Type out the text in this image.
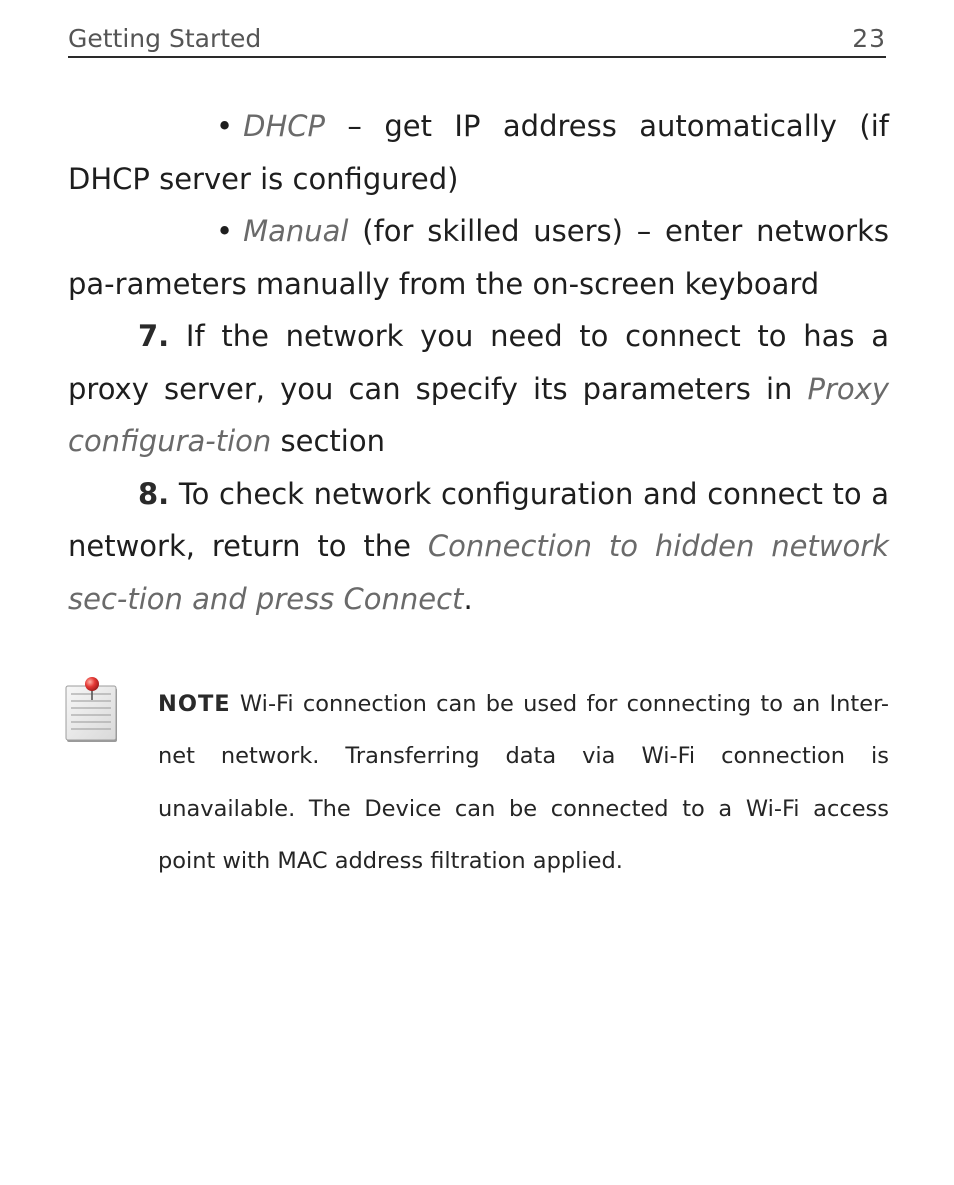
Getting Started	23

• DHCP – get IP address automatically (if DHCP server is configured)

• Manual (for skilled users) – enter networks pa-rameters manually from the on-screen keyboard

7. If the network you need to connect to has a proxy server, you can specify its parameters in Proxy configura-tion section

8. To check network configuration and connect to a network, return to the Connection to hidden network sec-tion and press Connect.

NOTE Wi-Fi connection can be used for connecting to an Inter-net network. Transferring data via Wi-Fi connection is unavailable. The Device can be connected to a Wi-Fi access point with MAC address filtration applied.
